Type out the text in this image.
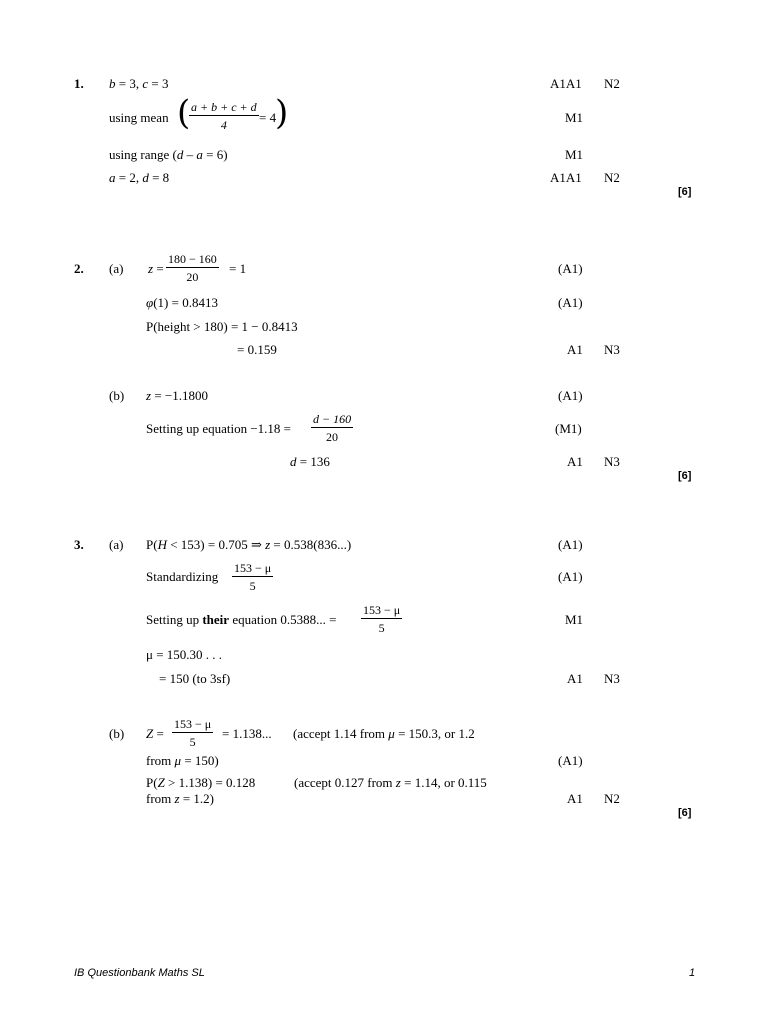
1. b = 3, c = 3	A1A1 N2
using mean (
$\frac{a + b + c + d}{4} = 4$
)	M1
using range (d – a = 6)	M1
a = 2, d = 8	A1A1 N2
[6]
2. (a) $z = \frac{180 - 160}{20} = 1$	(A1)
φ(1) = 0.8413	(A1)
P(height > 180) = 1 − 0.8413
= 0.159	A1 N3
(b) z = −1.1800	(A1)
Setting up equation $-1.18 = \frac{d - 160}{20}$	(M1)
d = 136	A1 N3
[6]
3. (a) P(H < 153) = 0.705 ⇒ z = 0.538(836...)	(A1)
Standardizing $\frac{153 - \mu}{5}$	(A1)
Setting up their equation 0.5388... = $\frac{153 - \mu}{5}$	M1
μ = 150.30 . . .
= 150 (to 3sf)	A1 N3
(b) $Z = \frac{153 - \mu}{5} = 1.138$... (accept 1.14 from μ = 150.3, or 1.2
from μ = 150)	(A1)
P(Z > 1.138) = 0.128	(accept 0.127 from z = 1.14, or 0.115
from z = 1.2)	A1 N2
[6]
IB Questionbank Maths SL	1
